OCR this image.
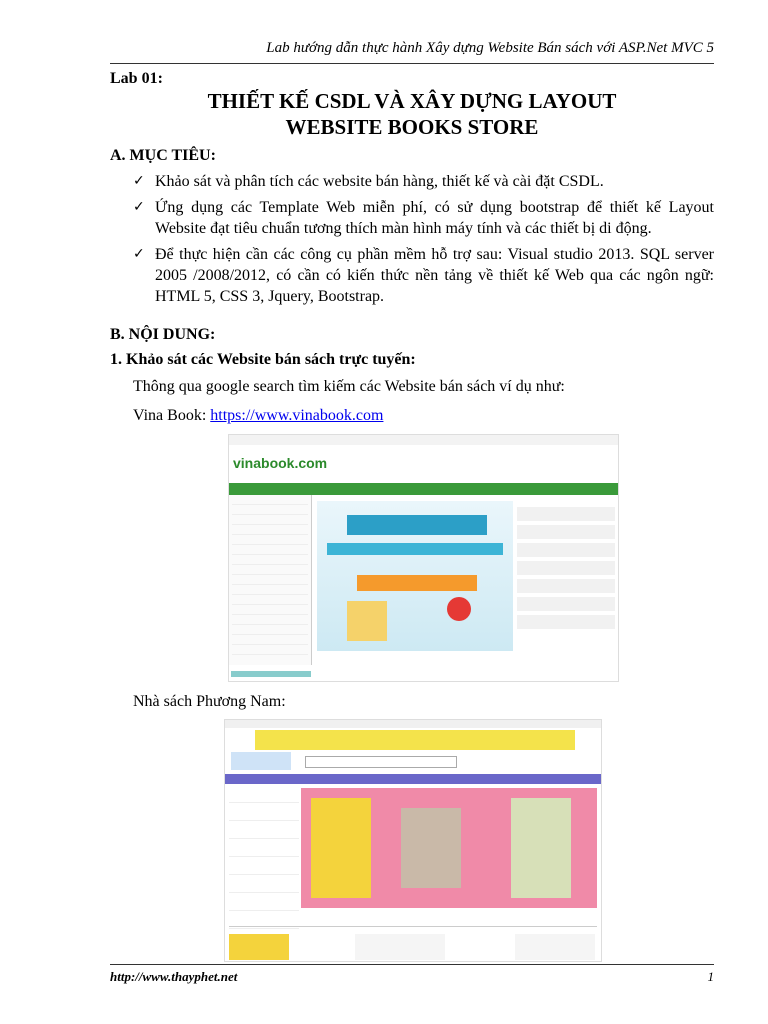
Lab hướng dẫn thực hành Xây dựng Website Bán sách với ASP.Net MVC 5
Lab 01:
THIẾT KẾ CSDL VÀ XÂY DỰNG LAYOUT
WEBSITE BOOKS STORE
A. MỤC TIÊU:
✓ Khảo sát và phân tích các website bán hàng, thiết kế và cài đặt CSDL.
✓ Ứng dụng các Template Web miễn phí, có sử dụng bootstrap để thiết kế Layout Website đạt tiêu chuẩn tương thích màn hình máy tính và các thiết bị di động.
✓ Để thực hiện cần các công cụ phần mềm hỗ trợ sau: Visual studio 2013. SQL server 2005 /2008/2012, có cần có kiến thức nền tảng về thiết kế Web qua các ngôn ngữ: HTML 5, CSS 3, Jquery, Bootstrap.
B. NỘI DUNG:
1. Khảo sát các Website bán sách trực tuyến:
Thông qua google search tìm kiếm các Website bán sách ví dụ như:
Vina Book: https://www.vinabook.com
vinabook.com
Nhà sách Phương Nam:
http://www.thayphet.net	1
